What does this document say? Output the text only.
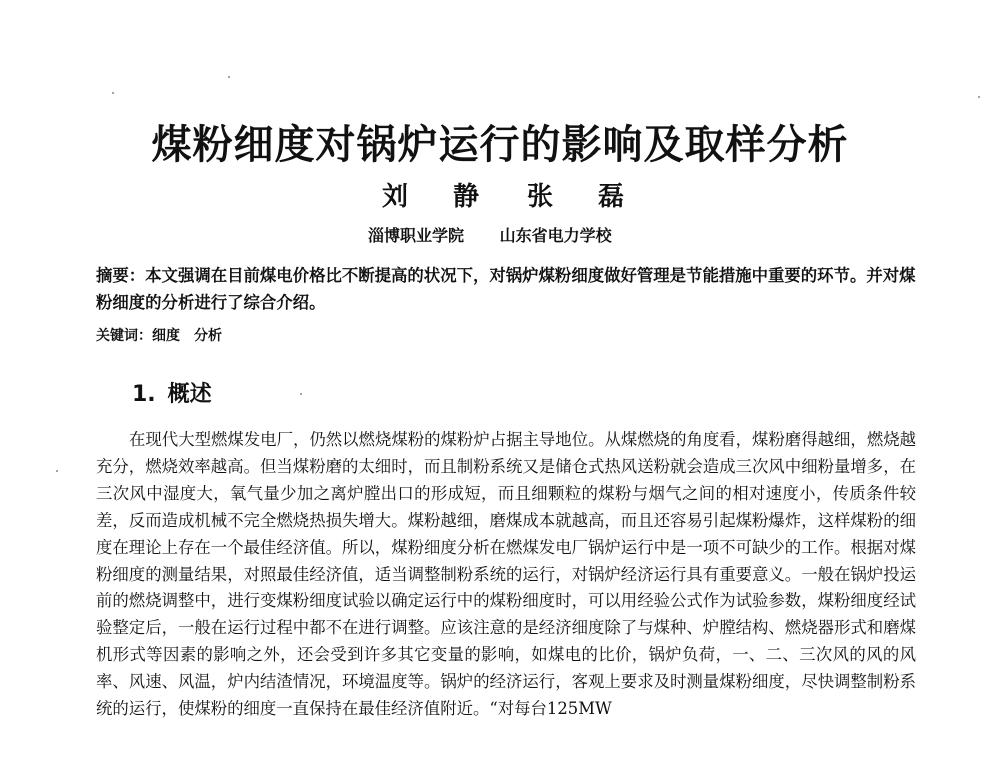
煤粉细度对锅炉运行的影响及取样分析
刘 静 张 磊
淄博职业学院 山东省电力学校

摘要：本文强调在目前煤电价格比不断提高的状况下，对锅炉煤粉细度做好管理是节能措施中重要的环节。并对煤粉细度的分析进行了综合介绍。

关键词：细度 分析
1. 概述

在现代大型燃煤发电厂，仍然以燃烧煤粉的煤粉炉占据主导地位。从煤燃烧的角度看，煤粉磨得越细，燃烧越充分，燃烧效率越高。但当煤粉磨的太细时，而且制粉系统又是储仓式热风送粉就会造成三次风中细粉量增多，在三次风中湿度大，氧气量少加之离炉膛出口的形成短，而且细颗粒的煤粉与烟气之间的相对速度小，传质条件较差，反而造成机械不完全燃烧热损失增大。煤粉越细，磨煤成本就越高，而且还容易引起煤粉爆炸，这样煤粉的细度在理论上存在一个最佳经济值。所以，煤粉细度分析在燃煤发电厂锅炉运行中是一项不可缺少的工作。根据对煤粉细度的测量结果，对照最佳经济值，适当调整制粉系统的运行，对锅炉经济运行具有重要意义。一般在锅炉投运前的燃烧调整中，进行变煤粉细度试验以确定运行中的煤粉细度时，可以用经验公式作为试验参数，煤粉细度经试验整定后，一般在运行过程中都不在进行调整。应该注意的是经济细度除了与煤种、炉膛结构、燃烧器形式和磨煤机形式等因素的影响之外，还会受到许多其它变量的影响，如煤电的比价，锅炉负荷，一、二、三次风的风的风率、风速、风温，炉内结渣情况，环境温度等。锅炉的经济运行，客观上要求及时测量煤粉细度，尽快调整制粉系统的运行，使煤粉的细度一直保持在最佳经济值附近。“对每台125MW
